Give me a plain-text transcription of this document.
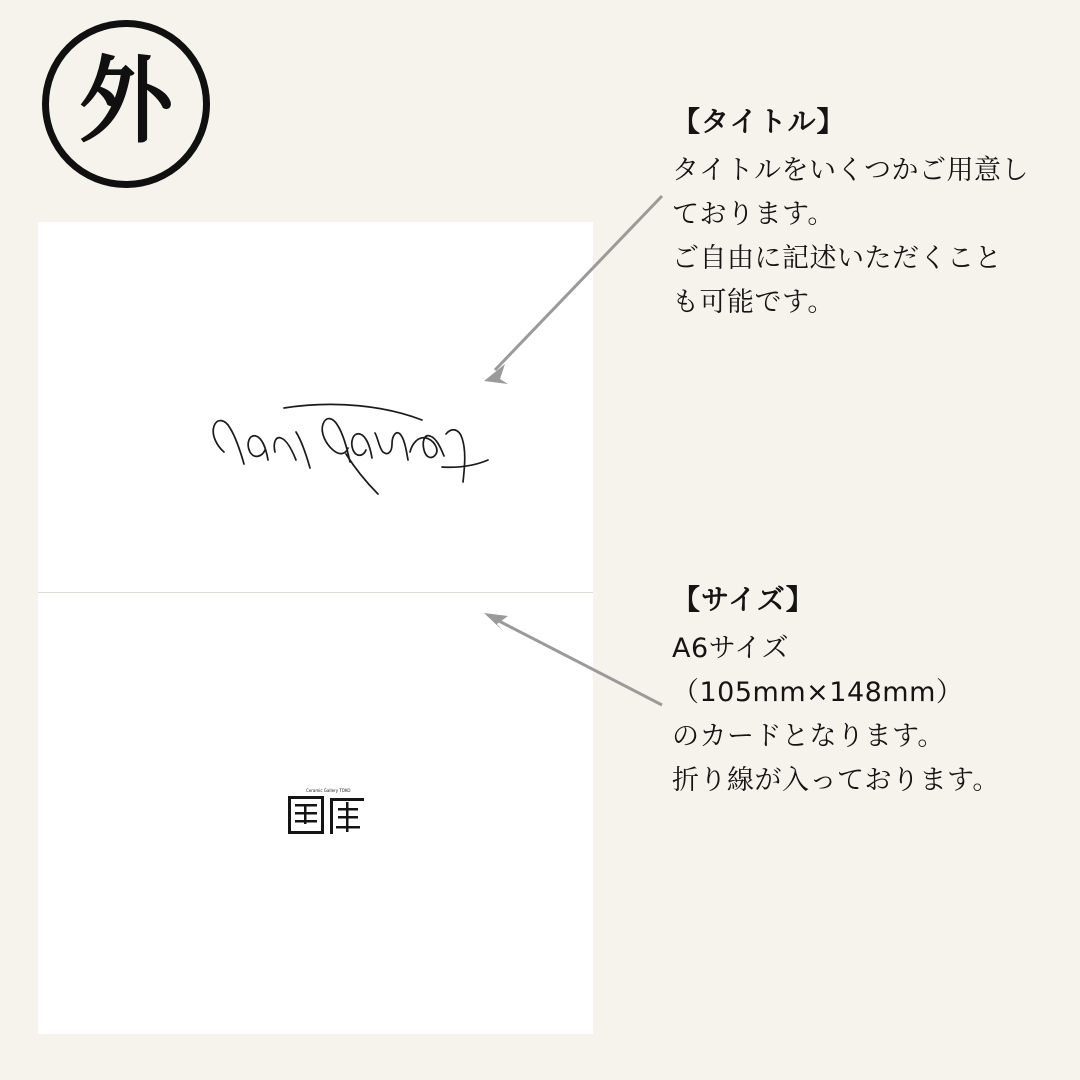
外
Ceramic Gallery TOKO

【タイトル】

タイトルをいくつかご用意し

ております。

ご自由に記述いただくこと

も可能です。

【サイズ】

A6サイズ

（105mm×148mm）

のカードとなります。

折り線が入っております。
